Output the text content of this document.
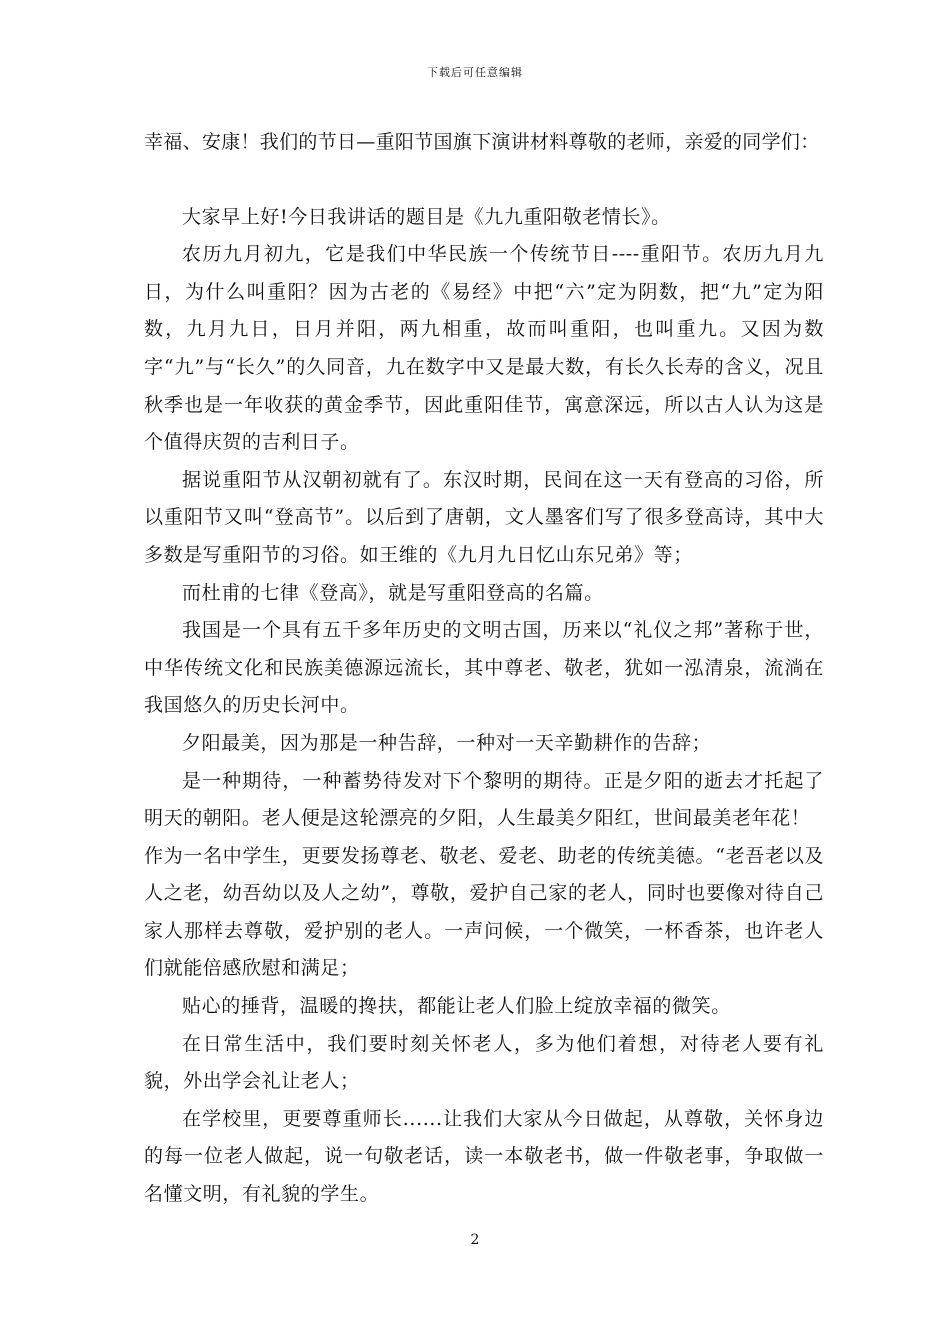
下载后可任意编辑

幸福、安康！我们的节日—重阳节国旗下演讲材料尊敬的老师，亲爱的同学们：

大家早上好!今日我讲话的题目是《九九重阳敬老情长》。

农历九月初九，它是我们中华民族一个传统节日----重阳节。农历九月九日，为什么叫重阳？因为古老的《易经》中把“六”定为阴数，把“九”定为阳数，九月九日，日月并阳，两九相重，故而叫重阳，也叫重九。又因为数字“九”与“长久”的久同音，九在数字中又是最大数，有长久长寿的含义，况且秋季也是一年收获的黄金季节，因此重阳佳节，寓意深远，所以古人认为这是个值得庆贺的吉利日子。

据说重阳节从汉朝初就有了。东汉时期，民间在这一天有登高的习俗，所以重阳节又叫“登高节”。以后到了唐朝，文人墨客们写了很多登高诗，其中大多数是写重阳节的习俗。如王维的《九月九日忆山东兄弟》等；

而杜甫的七律《登高》，就是写重阳登高的名篇。

我国是一个具有五千多年历史的文明古国，历来以“礼仪之邦”著称于世，中华传统文化和民族美德源远流长，其中尊老、敬老，犹如一泓清泉，流淌在我国悠久的历史长河中。

夕阳最美，因为那是一种告辞，一种对一天辛勤耕作的告辞；

是一种期待，一种蓄势待发对下个黎明的期待。正是夕阳的逝去才托起了明天的朝阳。老人便是这轮漂亮的夕阳，人生最美夕阳红，世间最美老年花！

作为一名中学生，更要发扬尊老、敬老、爱老、助老的传统美德。“老吾老以及人之老，幼吾幼以及人之幼”，尊敬，爱护自己家的老人，同时也要像对待自己家人那样去尊敬，爱护别的老人。一声问候，一个微笑，一杯香茶，也许老人们就能倍感欣慰和满足；

贴心的捶背，温暖的搀扶，都能让老人们脸上绽放幸福的微笑。

在日常生活中，我们要时刻关怀老人，多为他们着想，对待老人要有礼貌，外出学会礼让老人；

在学校里，更要尊重师长......让我们大家从今日做起，从尊敬，关怀身边的每一位老人做起，说一句敬老话，读一本敬老书，做一件敬老事，争取做一名懂文明，有礼貌的学生。

2
